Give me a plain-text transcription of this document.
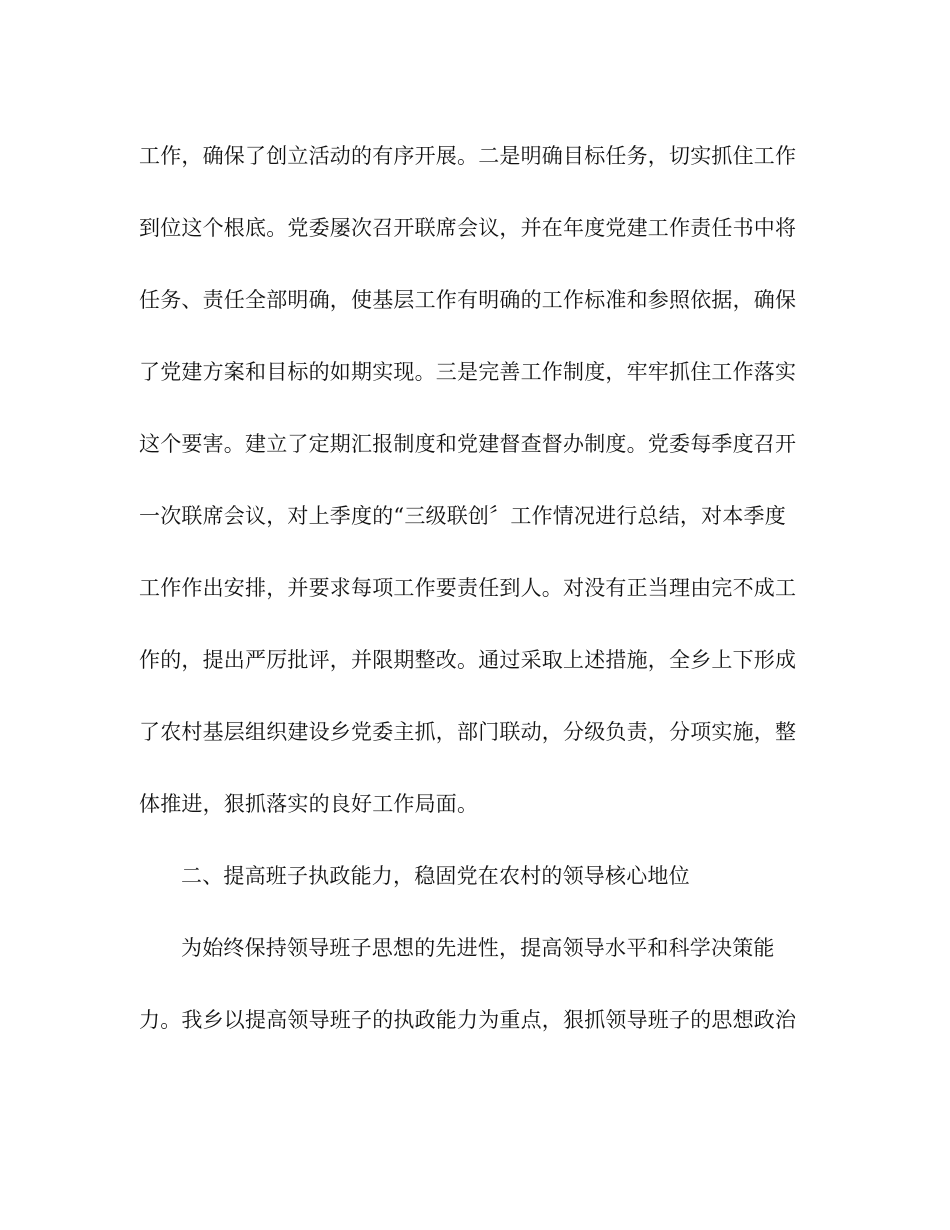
工作，确保了创立活动的有序开展。二是明确目标任务，切实抓住工作
到位这个根底。党委屡次召开联席会议，并在年度党建工作责任书中将
任务、责任全部明确，使基层工作有明确的工作标准和参照依据，确保
了党建方案和目标的如期实现。三是完善工作制度，牢牢抓住工作落实
这个要害。建立了定期汇报制度和党建督查督办制度。党委每季度召开
一次联席会议，对上季度的“三级联创〞工作情况进行总结，对本季度
工作作出安排，并要求每项工作要责任到人。对没有正当理由完不成工
作的，提出严厉批评，并限期整改。通过采取上述措施，全乡上下形成
了农村基层组织建设乡党委主抓，部门联动，分级负责，分项实施，整
体推进，狠抓落实的良好工作局面。
二、提高班子执政能力，稳固党在农村的领导核心地位
为始终保持领导班子思想的先进性，提高领导水平和科学决策能
力。我乡以提高领导班子的执政能力为重点，狠抓领导班子的思想政治
